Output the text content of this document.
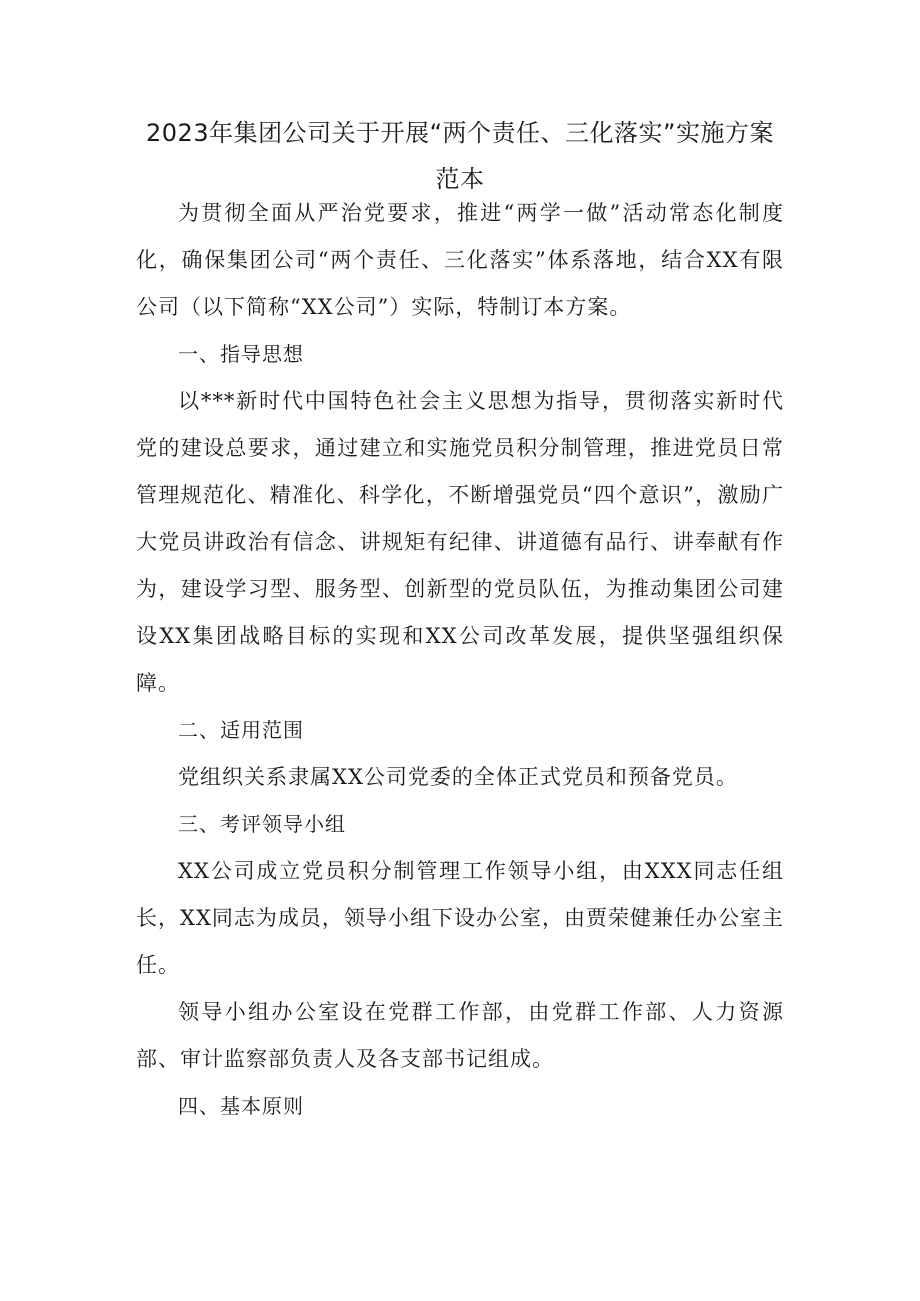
2023年集团公司关于开展“两个责任、三化落实”实施方案范本

为贯彻全面从严治党要求，推进“两学一做”活动常态化制度化，确保集团公司“两个责任、三化落实”体系落地，结合XX有限公司（以下简称“XX公司”）实际，特制订本方案。

一、指导思想

以***新时代中国特色社会主义思想为指导，贯彻落实新时代党的建设总要求，通过建立和实施党员积分制管理，推进党员日常管理规范化、精准化、科学化，不断增强党员“四个意识”，激励广大党员讲政治有信念、讲规矩有纪律、讲道德有品行、讲奉献有作为，建设学习型、服务型、创新型的党员队伍，为推动集团公司建设XX集团战略目标的实现和XX公司改革发展，提供坚强组织保障。

二、适用范围

党组织关系隶属XX公司党委的全体正式党员和预备党员。

三、考评领导小组

XX公司成立党员积分制管理工作领导小组，由XXX同志任组长，XX同志为成员，领导小组下设办公室，由贾荣健兼任办公室主任。

领导小组办公室设在党群工作部，由党群工作部、人力资源部、审计监察部负责人及各支部书记组成。

四、基本原则
